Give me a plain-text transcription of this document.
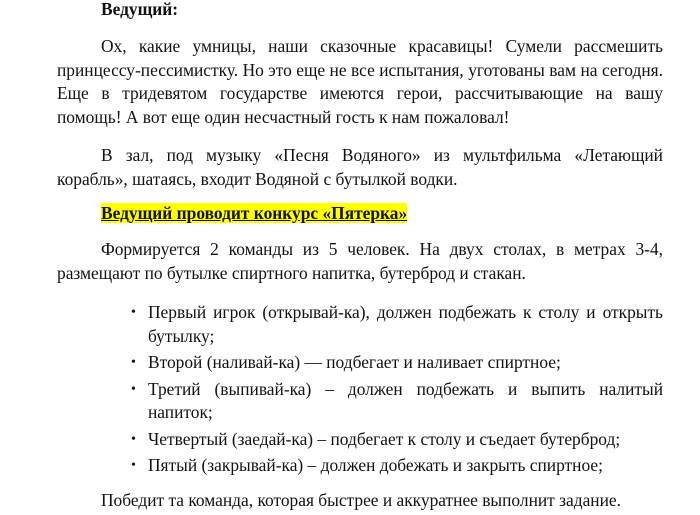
Ведущий:

Ох, какие умницы, наши сказочные красавицы! Сумели рассмешить принцессу-пессимистку. Но это еще не все испытания, уготованы вам на сегодня. Еще в тридевятом государстве имеются герои, рассчитывающие на вашу помощь! А вот еще один несчастный гость к нам пожаловал!

В зал, под музыку «Песня Водяного» из мультфильма «Летающий корабль», шатаясь, входит Водяной с бутылкой водки.

Ведущий проводит конкурс «Пятерка»

Формируется 2 команды из 5 человек. На двух столах, в метрах 3-4, размещают по бутылке спиртного напитка, бутерброд и стакан.

• Первый игрок (открывай-ка), должен подбежать к столу и открыть бутылку;
• Второй (наливай-ка) — подбегает и наливает спиртное;
• Третий (выпивай-ка) – должен подбежать и выпить налитый напиток;
• Четвертый (заедай-ка) – подбегает к столу и съедает бутерброд;
• Пятый (закрывай-ка) – должен добежать и закрыть спиртное;

Победит та команда, которая быстрее и аккуратнее выполнит задание.
